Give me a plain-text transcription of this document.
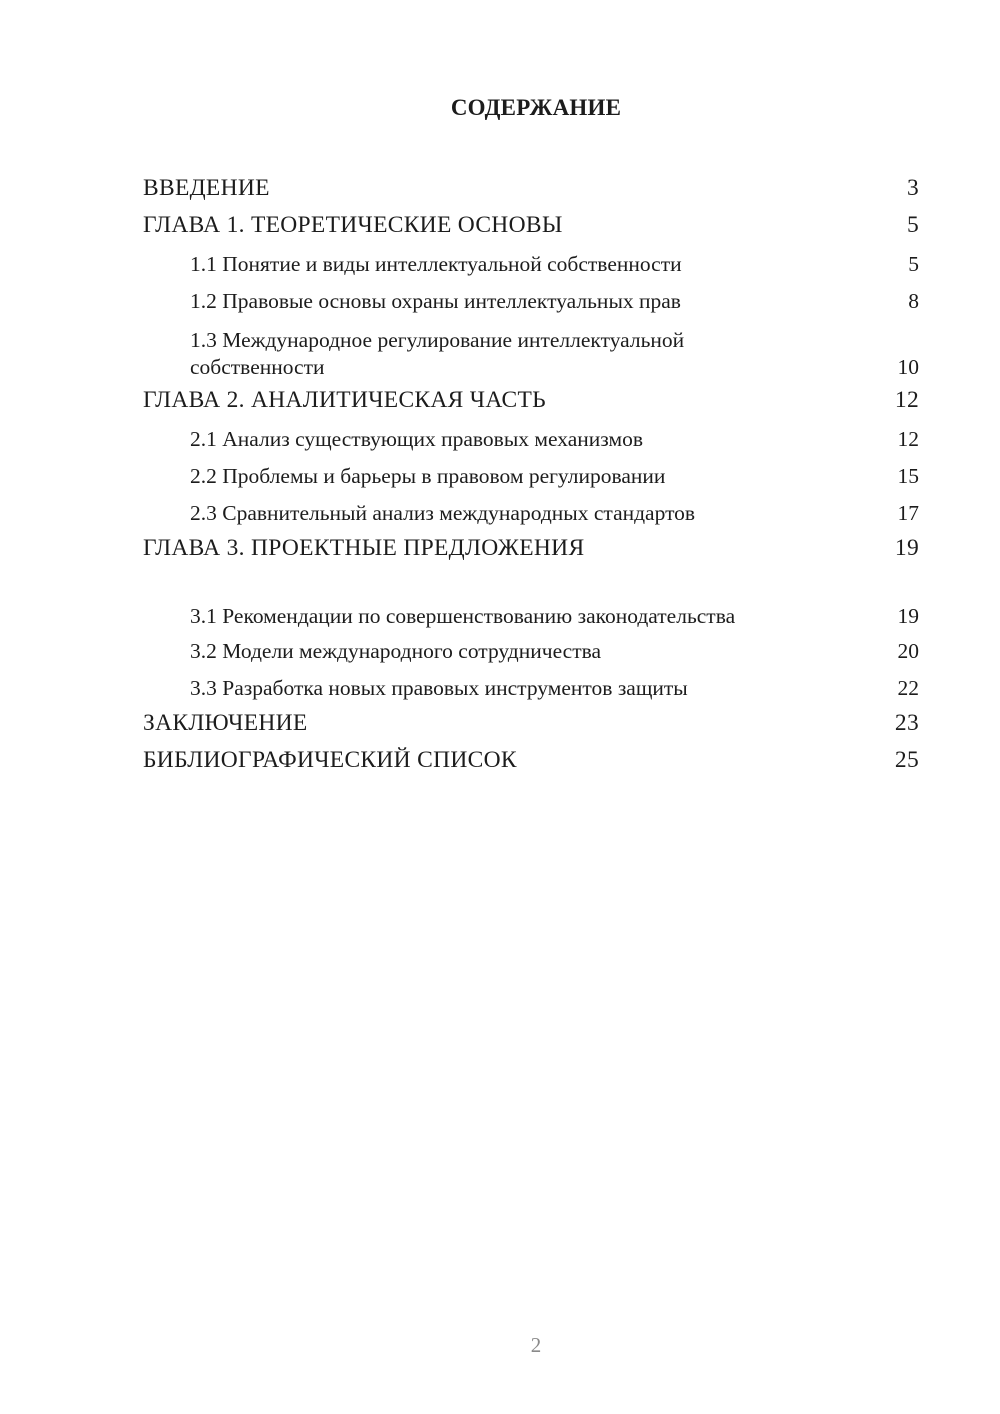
СОДЕРЖАНИЕ
ВВЕДЕНИЕ	3
ГЛАВА 1. ТЕОРЕТИЧЕСКИЕ ОСНОВЫ	5
1.1 Понятие и виды интеллектуальной собственности	5
1.2 Правовые основы охраны интеллектуальных прав	8
1.3 Международное регулирование интеллектуальной собственности	10
ГЛАВА 2. АНАЛИТИЧЕСКАЯ ЧАСТЬ	12
2.1 Анализ существующих правовых механизмов	12
2.2 Проблемы и барьеры в правовом регулировании	15
2.3 Сравнительный анализ международных стандартов	17
ГЛАВА 3. ПРОЕКТНЫЕ ПРЕДЛОЖЕНИЯ	19
3.1 Рекомендации по совершенствованию законодательства	19
3.2 Модели международного сотрудничества	20
3.3 Разработка новых правовых инструментов защиты	22
ЗАКЛЮЧЕНИЕ	23
БИБЛИОГРАФИЧЕСКИЙ СПИСОК	25
2
